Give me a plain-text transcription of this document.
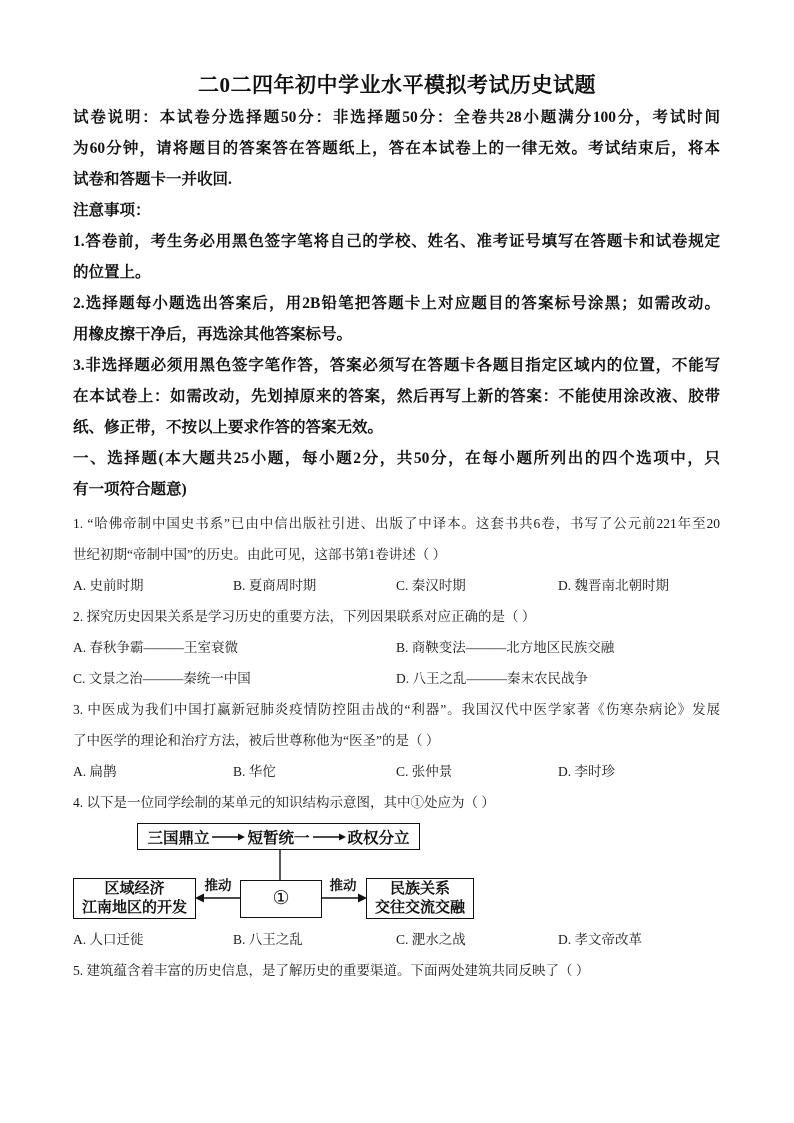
二0二四年初中学业水平模拟考试历史试题
试卷说明：本试卷分选择题50分：非选择题50分：全卷共28小题满分100分，考试时间
为60分钟，请将题目的答案答在答题纸上，答在本试卷上的一律无效。考试结束后，将本
试卷和答题卡一并收回.
注意事项：
1.答卷前，考生务必用黑色签字笔将自己的学校、姓名、准考证号填写在答题卡和试卷规定
的位置上。
2.选择题每小题选出答案后，用2B铅笔把答题卡上对应题目的答案标号涂黑；如需改动。
用橡皮擦干净后，再选涂其他答案标号。
3.非选择题必须用黑色签字笔作答，答案必须写在答题卡各题目指定区域内的位置，不能写
在本试卷上：如需改动，先划掉原来的答案，然后再写上新的答案：不能使用涂改液、胶带
纸、修正带，不按以上要求作答的答案无效。
一、选择题(本大题共25小题，每小题2分，共50分，在每小题所列出的四个选项中，只
有一项符合题意)
1. “哈佛帝制中国史书系”已由中信出版社引进、出版了中译本。这套书共6卷，书写了公元前221年至20
世纪初期“帝制中国”的历史。由此可见，这部书第1卷讲述（ ）
A. 史前时期	B. 夏商周时期	C. 秦汉时期	D. 魏晋南北朝时期
2. 探究历史因果关系是学习历史的重要方法，下列因果联系对应正确的是（ ）
A. 春秋争霸———王室衰微	B. 商鞅变法———北方地区民族交融
C. 文景之治———秦统一中国	D. 八王之乱———秦末农民战争
3. 中医成为我们中国打赢新冠肺炎疫情防控阻击战的“利器”。我国汉代中医学家著《伤寒杂病论》发展
了中医学的理论和治疗方法，被后世尊称他为“医圣”的是（ ）
A. 扁鹊	B. 华佗	C. 张仲景	D. 李时珍
4. 以下是一位同学绘制的某单元的知识结构示意图，其中①处应为（ ）
三国鼎立 短暂统一 政权分立
区域经济
江南地区的开发
推动
①
推动	民族关系
交往交流交融
A. 人口迁徙	B. 八王之乱	C. 淝水之战	D. 孝文帝改革
5. 建筑蕴含着丰富的历史信息，是了解历史的重要渠道。下面两处建筑共同反映了（ ）
